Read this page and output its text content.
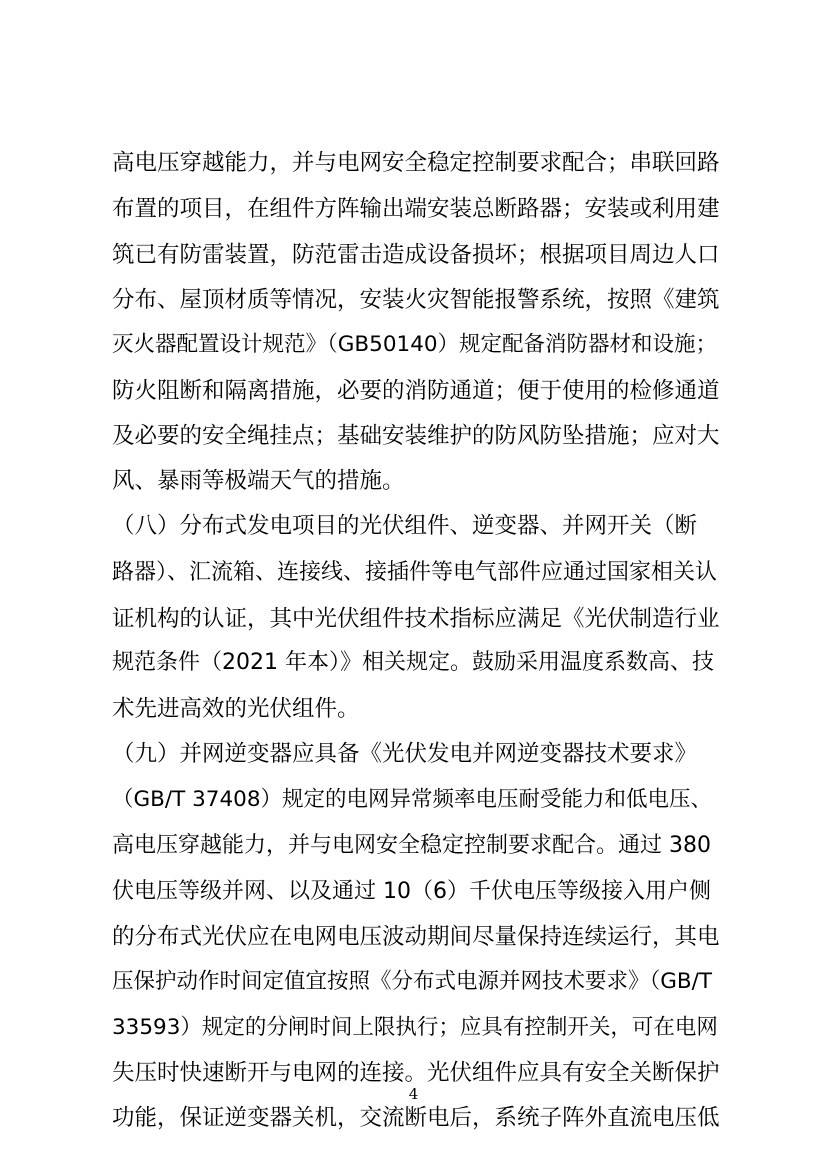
高电压穿越能力，并与电网安全稳定控制要求配合；串联回路
布置的项目，在组件方阵输出端安装总断路器；安装或利用建
筑已有防雷装置，防范雷击造成设备损坏；根据项目周边人口
分布、屋顶材质等情况，安装火灾智能报警系统，按照《建筑
灭火器配置设计规范》（GB50140）规定配备消防器材和设施；
防火阻断和隔离措施，必要的消防通道；便于使用的检修通道
及必要的安全绳挂点；基础安装维护的防风防坠措施；应对大
风、暴雨等极端天气的措施。
（八）分布式发电项目的光伏组件、逆变器、并网开关（断
路器）、汇流箱、连接线、接插件等电气部件应通过国家相关认
证机构的认证，其中光伏组件技术指标应满足《光伏制造行业
规范条件（2021 年本）》相关规定。鼓励采用温度系数高、技
术先进高效的光伏组件。
（九）并网逆变器应具备《光伏发电并网逆变器技术要求》
（GB/T 37408）规定的电网异常频率电压耐受能力和低电压、
高电压穿越能力，并与电网安全稳定控制要求配合。通过 380
伏电压等级并网、以及通过 10（6）千伏电压等级接入用户侧
的分布式光伏应在电网电压波动期间尽量保持连续运行，其电
压保护动作时间定值宜按照《分布式电源并网技术要求》（GB/T
33593）规定的分闸时间上限执行；应具有控制开关，可在电网
失压时快速断开与电网的连接。光伏组件应具有安全关断保护
功能，保证逆变器关机，交流断电后，系统子阵外直流电压低
4
